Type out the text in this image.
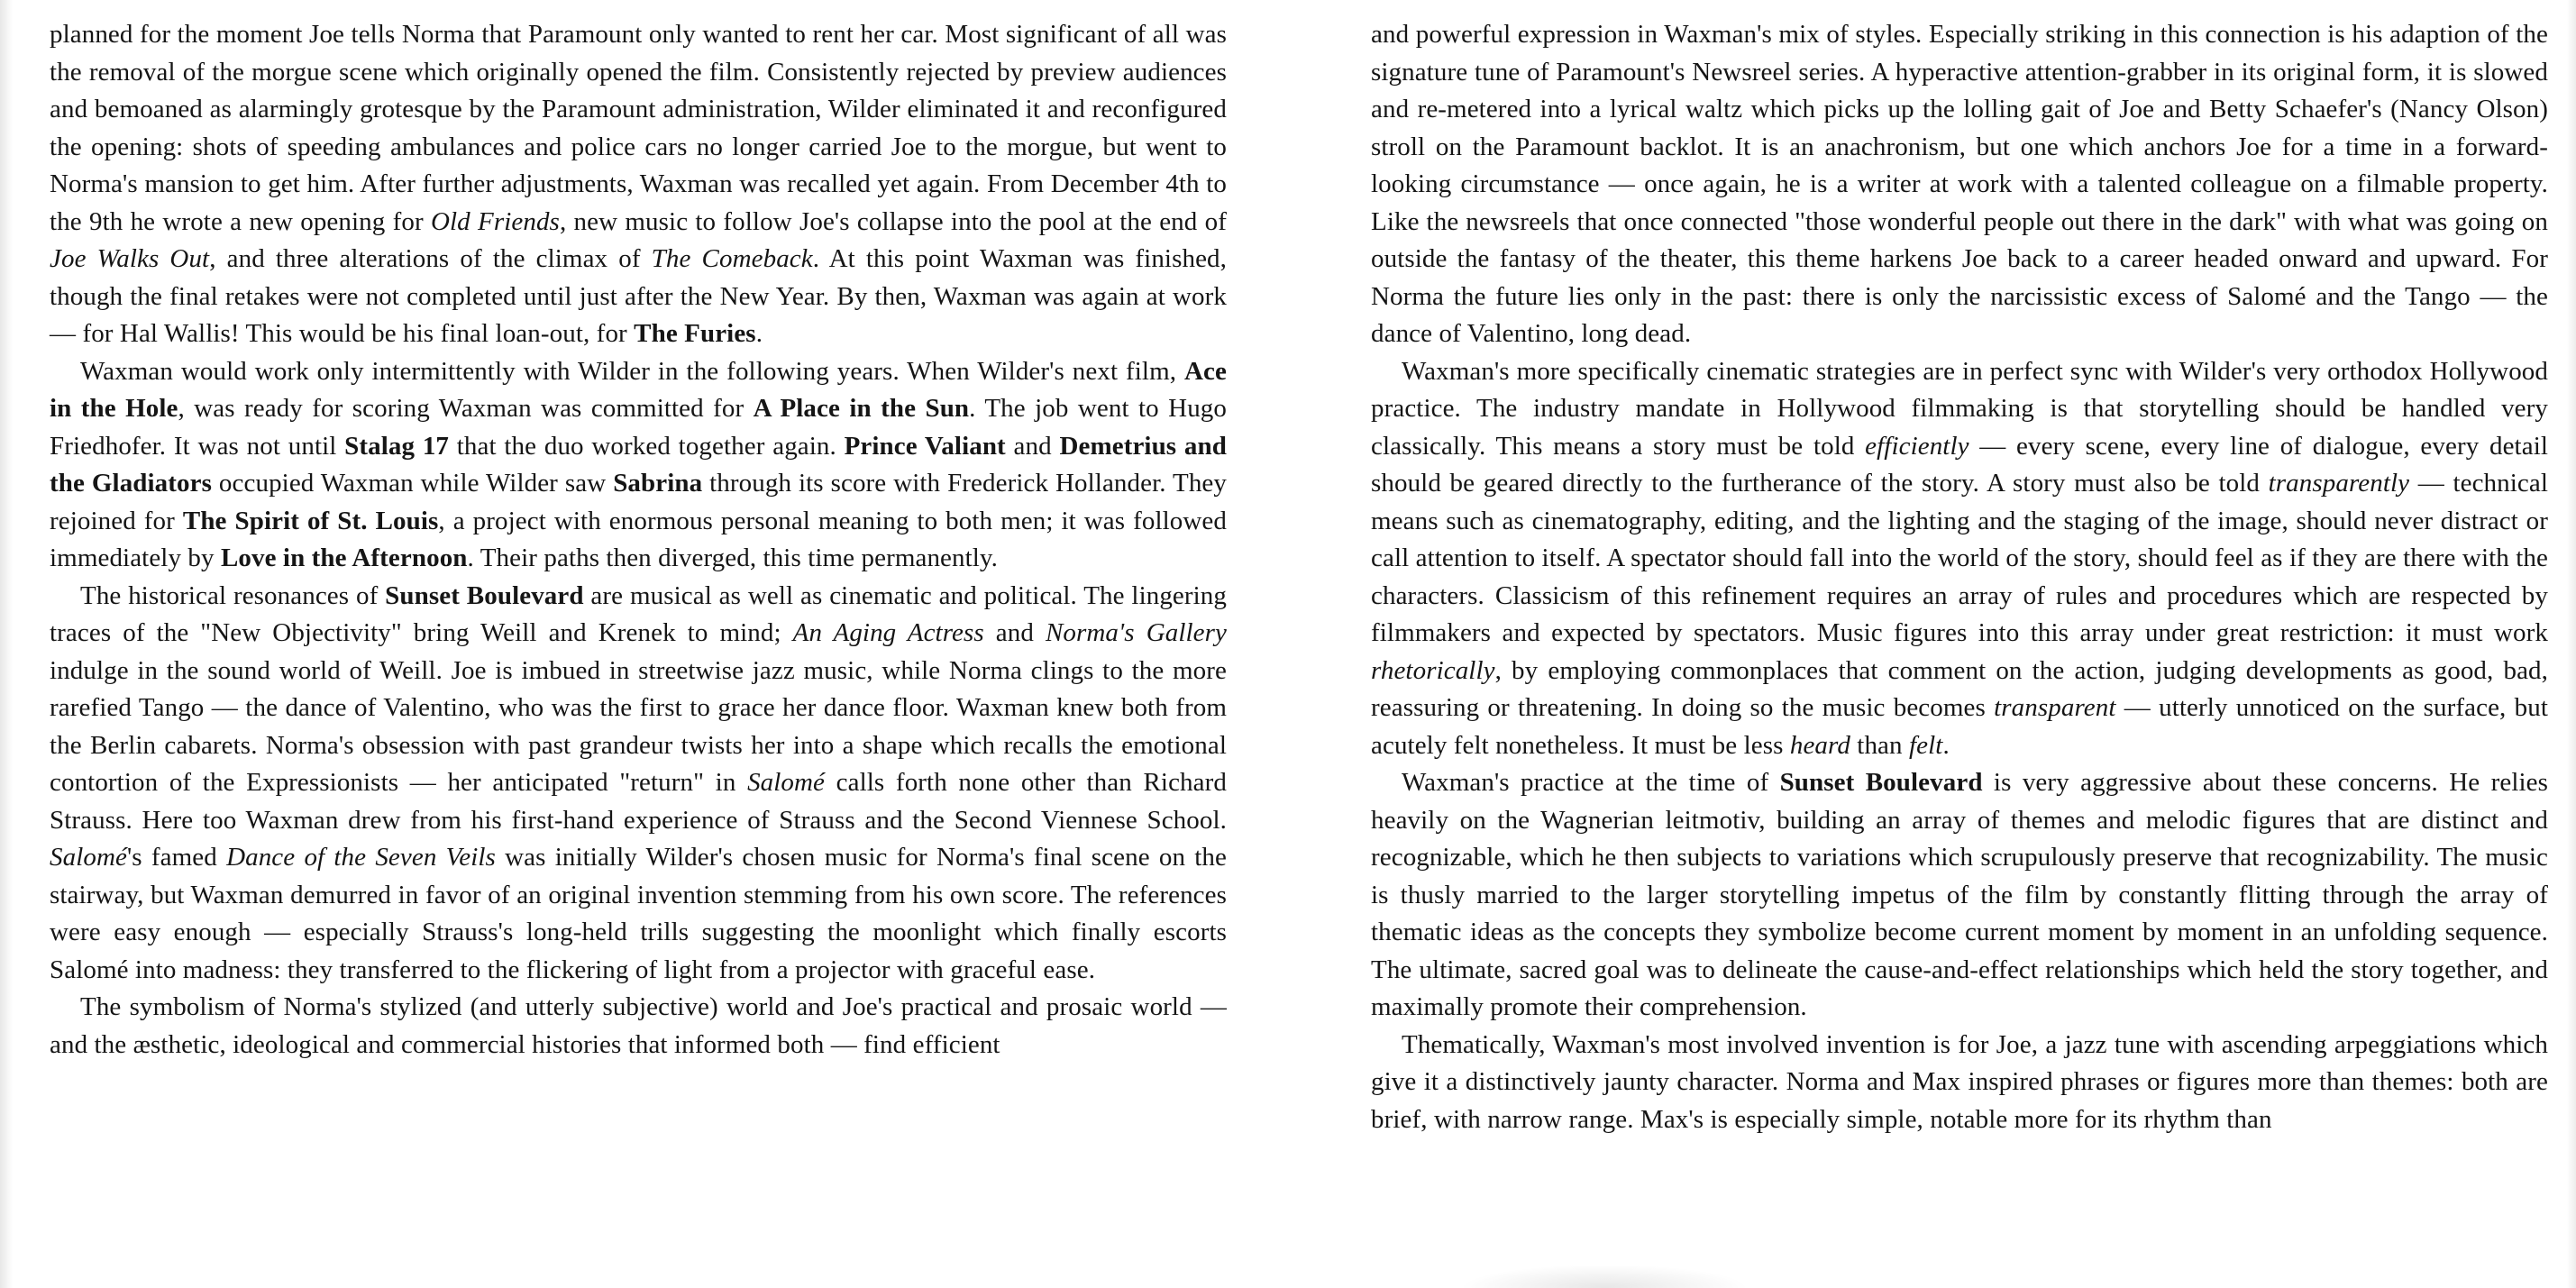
planned for the moment Joe tells Norma that Paramount only wanted to rent her car. Most significant of all was the removal of the morgue scene which originally opened the film. Consistently rejected by preview audiences and bemoaned as alarmingly grotesque by the Paramount administration, Wilder eliminated it and reconfigured the opening: shots of speeding ambulances and police cars no longer carried Joe to the morgue, but went to Norma's mansion to get him. After further adjustments, Waxman was recalled yet again. From December 4th to the 9th he wrote a new opening for Old Friends, new music to follow Joe's collapse into the pool at the end of Joe Walks Out, and three alterations of the climax of The Comeback. At this point Waxman was finished, though the final retakes were not completed until just after the New Year. By then, Waxman was again at work — for Hal Wallis! This would be his final loan-out, for The Furies.

Waxman would work only intermittently with Wilder in the following years. When Wilder's next film, Ace in the Hole, was ready for scoring Waxman was committed for A Place in the Sun. The job went to Hugo Friedhofer. It was not until Stalag 17 that the duo worked together again. Prince Valiant and Demetrius and the Gladiators occupied Waxman while Wilder saw Sabrina through its score with Frederick Hollander. They rejoined for The Spirit of St. Louis, a project with enormous personal meaning to both men; it was followed immediately by Love in the Afternoon. Their paths then diverged, this time permanently.

The historical resonances of Sunset Boulevard are musical as well as cinematic and political. The lingering traces of the "New Objectivity" bring Weill and Krenek to mind; An Aging Actress and Norma's Gallery indulge in the sound world of Weill. Joe is imbued in streetwise jazz music, while Norma clings to the more rarefied Tango — the dance of Valentino, who was the first to grace her dance floor. Waxman knew both from the Berlin cabarets. Norma's obsession with past grandeur twists her into a shape which recalls the emotional contortion of the Expressionists — her anticipated "return" in Salomé calls forth none other than Richard Strauss. Here too Waxman drew from his first-hand experience of Strauss and the Second Viennese School. Salomé's famed Dance of the Seven Veils was initially Wilder's chosen music for Norma's final scene on the stairway, but Waxman demurred in favor of an original invention stemming from his own score. The references were easy enough — especially Strauss's long-held trills suggesting the moonlight which finally escorts Salomé into madness: they transferred to the flickering of light from a projector with graceful ease.

The symbolism of Norma's stylized (and utterly subjective) world and Joe's practical and prosaic world — and the æsthetic, ideological and commercial histories that informed both — find efficient

and powerful expression in Waxman's mix of styles. Especially striking in this connection is his adaption of the signature tune of Paramount's Newsreel series. A hyperactive attention-grabber in its original form, it is slowed and re-metered into a lyrical waltz which picks up the lolling gait of Joe and Betty Schaefer's (Nancy Olson) stroll on the Paramount backlot. It is an anachronism, but one which anchors Joe for a time in a forward-looking circumstance — once again, he is a writer at work with a talented colleague on a filmable property. Like the newsreels that once connected "those wonderful people out there in the dark" with what was going on outside the fantasy of the theater, this theme harkens Joe back to a career headed onward and upward. For Norma the future lies only in the past: there is only the narcissistic excess of Salomé and the Tango — the dance of Valentino, long dead.

Waxman's more specifically cinematic strategies are in perfect sync with Wilder's very orthodox Hollywood practice. The industry mandate in Hollywood filmmaking is that storytelling should be handled very classically. This means a story must be told efficiently — every scene, every line of dialogue, every detail should be geared directly to the furtherance of the story. A story must also be told transparently — technical means such as cinematography, editing, and the lighting and the staging of the image, should never distract or call attention to itself. A spectator should fall into the world of the story, should feel as if they are there with the characters. Classicism of this refinement requires an array of rules and procedures which are respected by filmmakers and expected by spectators. Music figures into this array under great restriction: it must work rhetorically, by employing commonplaces that comment on the action, judging developments as good, bad, reassuring or threatening. In doing so the music becomes transparent — utterly unnoticed on the surface, but acutely felt nonetheless. It must be less heard than felt.

Waxman's practice at the time of Sunset Boulevard is very aggressive about these concerns. He relies heavily on the Wagnerian leitmotiv, building an array of themes and melodic figures that are distinct and recognizable, which he then subjects to variations which scrupulously preserve that recognizability. The music is thusly married to the larger storytelling impetus of the film by constantly flitting through the array of thematic ideas as the concepts they symbolize become current moment by moment in an unfolding sequence. The ultimate, sacred goal was to delineate the cause-and-effect relationships which held the story together, and maximally promote their comprehension.

Thematically, Waxman's most involved invention is for Joe, a jazz tune with ascending arpeggiations which give it a distinctively jaunty character. Norma and Max inspired phrases or figures more than themes: both are brief, with narrow range. Max's is especially simple, notable more for its rhythm than
